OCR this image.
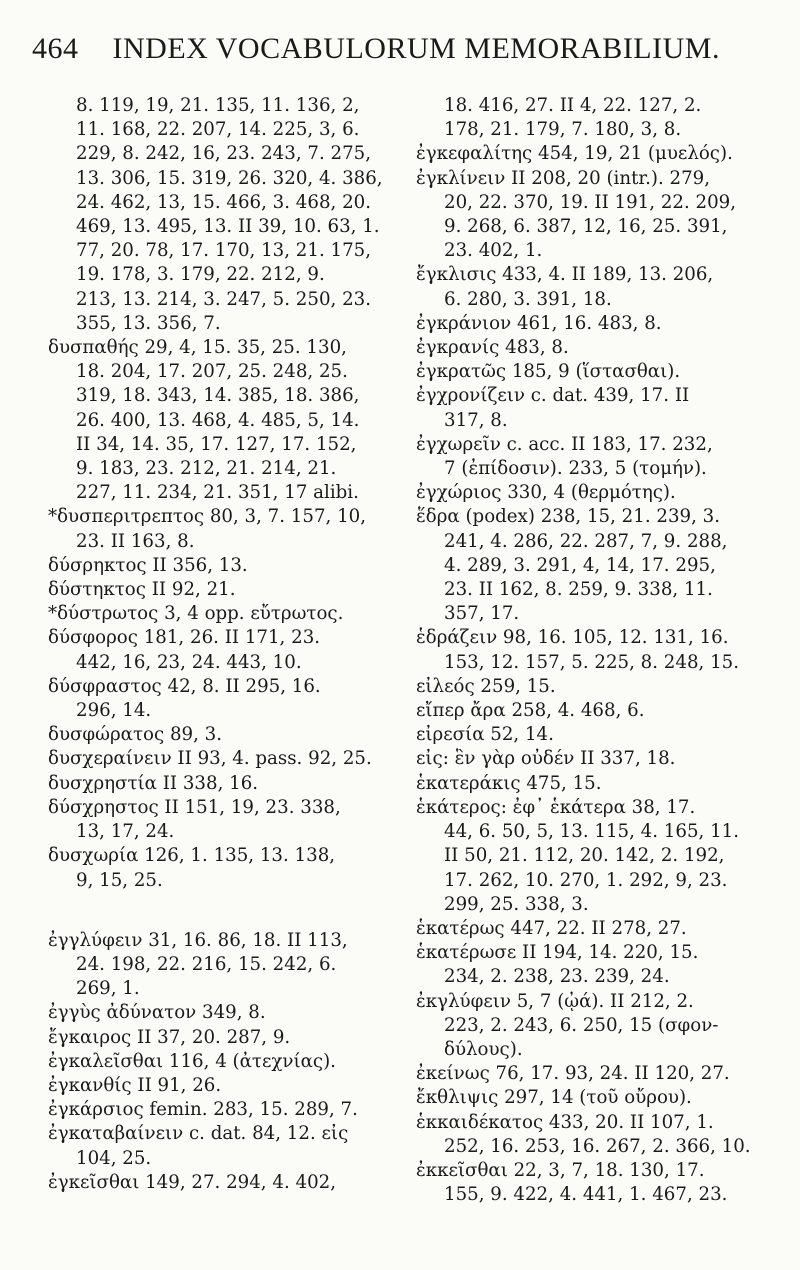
464 INDEX VOCABULORUM MEMORABILIUM.
8. 119, 19, 21. 135, 11. 136, 2,
11. 168, 22. 207, 14. 225, 3, 6.
229, 8. 242, 16, 23. 243, 7. 275,
13. 306, 15. 319, 26. 320, 4. 386,
24. 462, 13, 15. 466, 3. 468, 20.
469, 13. 495, 13. II 39, 10. 63, 1.
77, 20. 78, 17. 170, 13, 21. 175,
19. 178, 3. 179, 22. 212, 9.
213, 13. 214, 3. 247, 5. 250, 23.
355, 13. 356, 7.
δυσπαθής 29, 4, 15. 35, 25. 130,
18. 204, 17. 207, 25. 248, 25.
319, 18. 343, 14. 385, 18. 386,
26. 400, 13. 468, 4. 485, 5, 14.
II 34, 14. 35, 17. 127, 17. 152,
9. 183, 23. 212, 21. 214, 21.
227, 11. 234, 21. 351, 17 alibi.
*δυσπεριτρεπτος 80, 3, 7. 157, 10,
23. II 163, 8.
δύσρηκτος II 356, 13.
δύστηκτος II 92, 21.
*δύστρωτος 3, 4 opp. εὔτρωτος.
δύσφορος 181, 26. II 171, 23.
442, 16, 23, 24. 443, 10.
δύσφραστος 42, 8. II 295, 16.
296, 14.
δυσφώρατος 89, 3.
δυσχεραίνειν II 93, 4. pass. 92, 25.
δυσχρηστία II 338, 16.
δύσχρηστος II 151, 19, 23. 338,
13, 17, 24.
δυσχωρία 126, 1. 135, 13. 138,
9, 15, 25.
ἐγγλύφειν 31, 16. 86, 18. II 113,
24. 198, 22. 216, 15. 242, 6.
269, 1.
ἐγγὺς ἀδύνατον 349, 8.
ἔγκαιρος II 37, 20. 287, 9.
ἐγκαλεῖσθαι 116, 4 (ἀτεχνίας).
ἐγκανθίς II 91, 26.
ἐγκάρσιος femin. 283, 15. 289, 7.
ἐγκαταβαίνειν c. dat. 84, 12. εἰς
104, 25.
ἐγκεῖσθαι 149, 27. 294, 4. 402,
18. 416, 27. II 4, 22. 127, 2.
178, 21. 179, 7. 180, 3, 8.
ἐγκεφαλίτης 454, 19, 21 (μυελός).
ἐγκλίνειν II 208, 20 (intr.). 279,
20, 22. 370, 19. II 191, 22. 209,
9. 268, 6. 387, 12, 16, 25. 391,
23. 402, 1.
ἔγκλισις 433, 4. II 189, 13. 206,
6. 280, 3. 391, 18.
ἐγκράνιον 461, 16. 483, 8.
ἐγκρανίς 483, 8.
ἐγκρατῶς 185, 9 (ἵστασθαι).
ἐγχρονίζειν c. dat. 439, 17. II
317, 8.
ἐγχωρεῖν c. acc. II 183, 17. 232,
7 (ἐπίδοσιν). 233, 5 (τομήν).
ἐγχώριος 330, 4 (θερμότης).
ἕδρα (podex) 238, 15, 21. 239, 3.
241, 4. 286, 22. 287, 7, 9. 288,
4. 289, 3. 291, 4, 14, 17. 295,
23. II 162, 8. 259, 9. 338, 11.
357, 17.
ἑδράζειν 98, 16. 105, 12. 131, 16.
153, 12. 157, 5. 225, 8. 248, 15.
εἰλεός 259, 15.
εἴπερ ἄρα 258, 4. 468, 6.
εἰρεσία 52, 14.
εἰς: ἓν γὰρ οὐδέν II 337, 18.
ἑκατεράκις 475, 15.
ἑκάτερος: ἐφ᾽ ἑκάτερα 38, 17.
44, 6. 50, 5, 13. 115, 4. 165, 11.
II 50, 21. 112, 20. 142, 2. 192,
17. 262, 10. 270, 1. 292, 9, 23.
299, 25. 338, 3.
ἑκατέρως 447, 22. II 278, 27.
ἑκατέρωσε II 194, 14. 220, 15.
234, 2. 238, 23. 239, 24.
ἐκγλύφειν 5, 7 (ᾠά). II 212, 2.
223, 2. 243, 6. 250, 15 (σφον-
δύλους).
ἐκείνως 76, 17. 93, 24. II 120, 27.
ἔκθλιψις 297, 14 (τοῦ οὔρου).
ἑκκαιδέκατος 433, 20. II 107, 1.
252, 16. 253, 16. 267, 2. 366, 10.
ἐκκεῖσθαι 22, 3, 7, 18. 130, 17.
155, 9. 422, 4. 441, 1. 467, 23.
